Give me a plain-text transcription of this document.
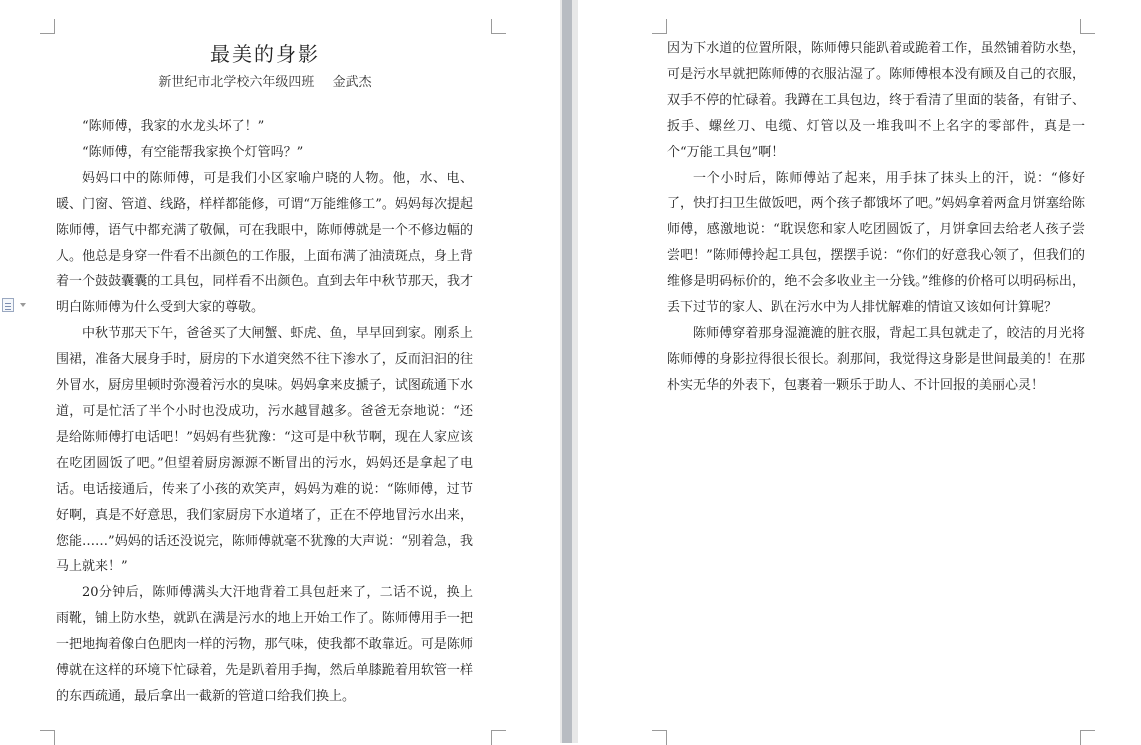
最美的身影
新世纪市北学校六年级四班 金武杰

“陈师傅，我家的水龙头坏了！”

“陈师傅，有空能帮我家换个灯管吗？”

妈妈口中的陈师傅，可是我们小区家喻户晓的人物。他，水、电、暖、门窗、管道、线路，样样都能修，可谓“万能维修工”。妈妈每次提起陈师傅，语气中都充满了敬佩，可在我眼中，陈师傅就是一个不修边幅的人。他总是身穿一件看不出颜色的工作服，上面布满了油渍斑点，身上背着一个鼓鼓囊囊的工具包，同样看不出颜色。直到去年中秋节那天，我才明白陈师傅为什么受到大家的尊敬。

中秋节那天下午，爸爸买了大闸蟹、虾虎、鱼，早早回到家。刚系上围裙，准备大展身手时，厨房的下水道突然不往下渗水了，反而汩汩的往外冒水，厨房里顿时弥漫着污水的臭味。妈妈拿来皮搋子，试图疏通下水道，可是忙活了半个小时也没成功，污水越冒越多。爸爸无奈地说：“还是给陈师傅打电话吧！”妈妈有些犹豫：“这可是中秋节啊，现在人家应该在吃团圆饭了吧。”但望着厨房源源不断冒出的污水，妈妈还是拿起了电话。电话接通后，传来了小孩的欢笑声，妈妈为难的说：“陈师傅，过节好啊，真是不好意思，我们家厨房下水道堵了，正在不停地冒污水出来，您能……”妈妈的话还没说完，陈师傅就毫不犹豫的大声说：“别着急，我马上就来！”

20分钟后，陈师傅满头大汗地背着工具包赶来了，二话不说，换上雨靴，铺上防水垫，就趴在满是污水的地上开始工作了。陈师傅用手一把一把地掏着像白色肥肉一样的污物，那气味，使我都不敢靠近。可是陈师傅就在这样的环境下忙碌着，先是趴着用手掏，然后单膝跪着用软管一样的东西疏通，最后拿出一截新的管道口给我们换上。

因为下水道的位置所限，陈师傅只能趴着或跪着工作，虽然铺着防水垫，可是污水早就把陈师傅的衣服沾湿了。陈师傅根本没有顾及自己的衣服，双手不停的忙碌着。我蹲在工具包边，终于看清了里面的装备，有钳子、扳手、螺丝刀、电缆、灯管以及一堆我叫不上名字的零部件，真是一个“万能工具包”啊！

一个小时后，陈师傅站了起来，用手抹了抹头上的汗，说：“修好了，快打扫卫生做饭吧，两个孩子都饿坏了吧。”妈妈拿着两盒月饼塞给陈师傅，感激地说：“耽误您和家人吃团圆饭了，月饼拿回去给老人孩子尝尝吧！”陈师傅拎起工具包，摆摆手说：“你们的好意我心领了，但我们的维修是明码标价的，绝不会多收业主一分钱。”维修的价格可以明码标出，丢下过节的家人、趴在污水中为人排忧解难的情谊又该如何计算呢？

陈师傅穿着那身湿漉漉的脏衣服，背起工具包就走了，皎洁的月光将陈师傅的身影拉得很长很长。刹那间，我觉得这身影是世间最美的！在那朴实无华的外表下，包裹着一颗乐于助人、不计回报的美丽心灵！
